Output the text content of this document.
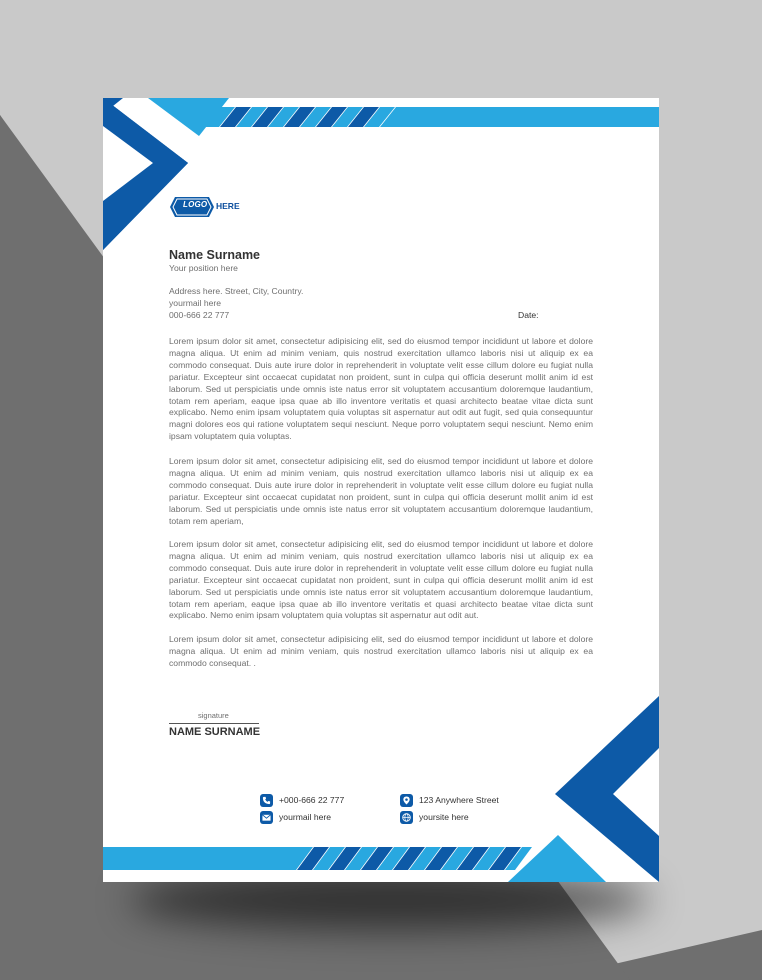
LOGO HERE

Name Surname

Your position here

Address here. Street, City, Country.

yourmail here

000-666 22 777	Date:

Lorem ipsum dolor sit amet, consectetur adipisicing elit, sed do eiusmod tempor incididunt ut labore et dolore magna aliqua. Ut enim ad minim veniam, quis nostrud exercitation ullamco laboris nisi ut aliquip ex ea commodo consequat. Duis aute irure dolor in reprehenderit in voluptate velit esse cillum dolore eu fugiat nulla pariatur. Excepteur sint occaecat cupidatat non proident, sunt in culpa qui officia deserunt mollit anim id est laborum. Sed ut perspiciatis unde omnis iste natus error sit voluptatem accusantium doloremque laudantium, totam rem aperiam, eaque ipsa quae ab illo inventore veritatis et quasi architecto beatae vitae dicta sunt explicabo. Nemo enim ipsam voluptatem quia voluptas sit aspernatur aut odit aut fugit, sed quia consequuntur magni dolores eos qui ratione voluptatem sequi nesciunt. Neque porro voluptatem sequi nesciunt. Nemo enim ipsam voluptatem quia voluptas.

Lorem ipsum dolor sit amet, consectetur adipisicing elit, sed do eiusmod tempor incididunt ut labore et dolore magna aliqua. Ut enim ad minim veniam, quis nostrud exercitation ullamco laboris nisi ut aliquip ex ea commodo consequat. Duis aute irure dolor in reprehenderit in voluptate velit esse cillum dolore eu fugiat nulla pariatur. Excepteur sint occaecat cupidatat non proident, sunt in culpa qui officia deserunt mollit anim id est laborum. Sed ut perspiciatis unde omnis iste natus error sit voluptatem accusantium doloremque laudantium, totam rem aperiam,

Lorem ipsum dolor sit amet, consectetur adipisicing elit, sed do eiusmod tempor incididunt ut labore et dolore magna aliqua. Ut enim ad minim veniam, quis nostrud exercitation ullamco laboris nisi ut aliquip ex ea commodo consequat. Duis aute irure dolor in reprehenderit in voluptate velit esse cillum dolore eu fugiat nulla pariatur. Excepteur sint occaecat cupidatat non proident, sunt in culpa qui officia deserunt mollit anim id est laborum. Sed ut perspiciatis unde omnis iste natus error sit voluptatem accusantium doloremque laudantium, totam rem aperiam, eaque ipsa quae ab illo inventore veritatis et quasi architecto beatae vitae dicta sunt explicabo. Nemo enim ipsam voluptatem quia voluptas sit aspernatur aut odit aut.

Lorem ipsum dolor sit amet, consectetur adipisicing elit, sed do eiusmod tempor incididunt ut labore et dolore magna aliqua. Ut enim ad minim veniam, quis nostrud exercitation ullamco laboris nisi ut aliquip ex ea commodo consequat. .

signature

NAME SURNAME

+000-666 22 777

yourmail here

123 Anywhere Street

yoursite here
